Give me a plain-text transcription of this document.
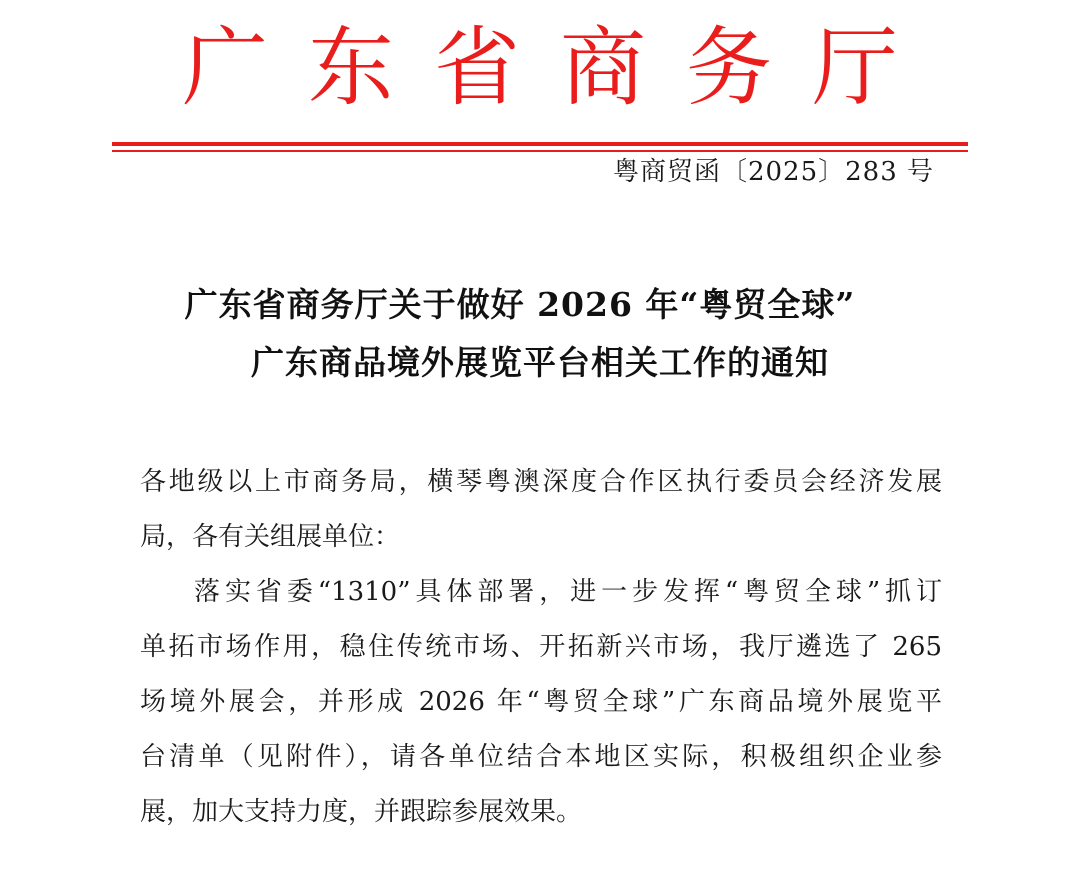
广东省商务厅
粤商贸函〔2025〕283 号
广东省商务厅关于做好 2026 年“粤贸全球”
广东商品境外展览平台相关工作的通知
各地级以上市商务局，横琴粤澳深度合作区执行委员会经济发展
局，各有关组展单位：
落实省委“1310”具体部署，进一步发挥“粤贸全球”抓订
单拓市场作用，稳住传统市场、开拓新兴市场，我厅遴选了 265
场境外展会，并形成 2026 年“粤贸全球”广东商品境外展览平
台清单（见附件），请各单位结合本地区实际，积极组织企业参
展，加大支持力度，并跟踪参展效果。
